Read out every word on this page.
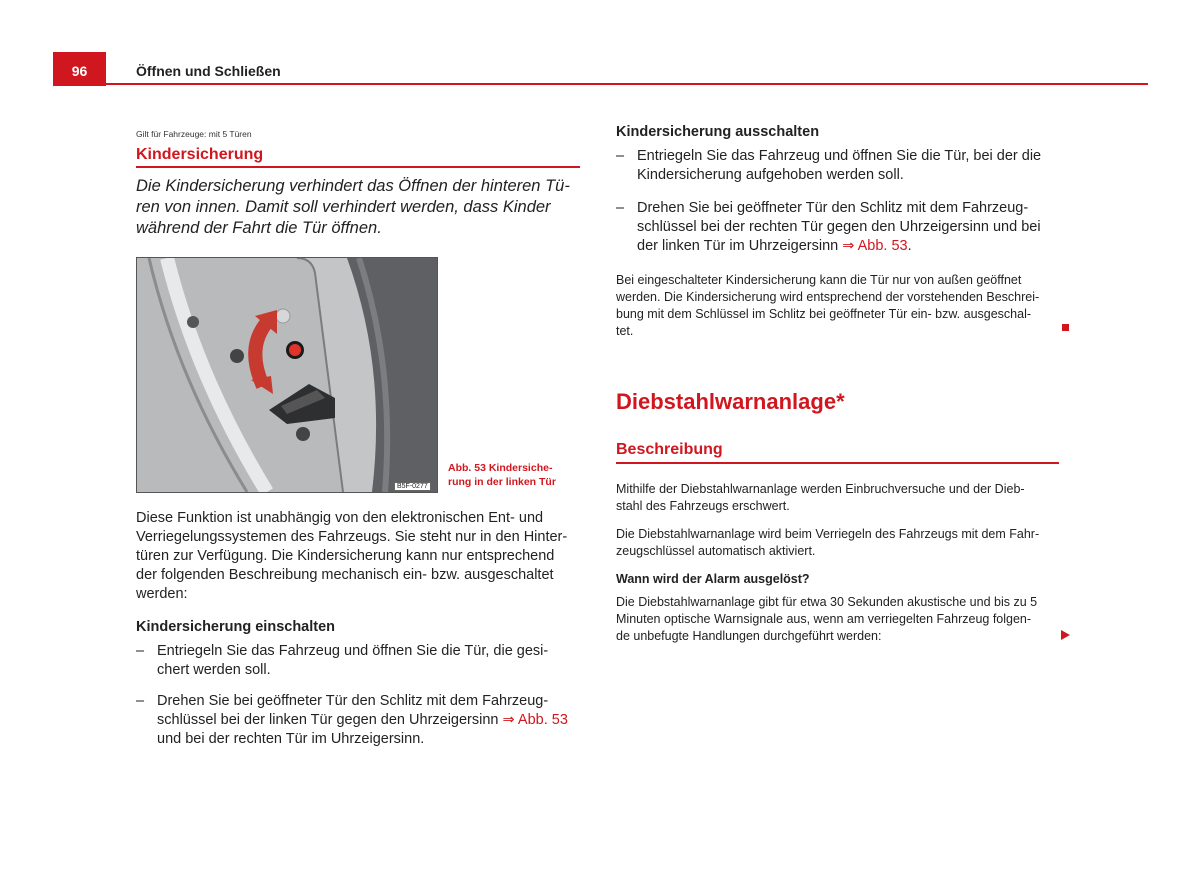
96	Öffnen und Schließen
Gilt für Fahrzeuge: mit 5 Türen
Kindersicherung
Die Kindersicherung verhindert das Öffnen der hinteren Tü-
ren von innen. Damit soll verhindert werden, dass Kinder
während der Fahrt die Tür öffnen.
B5F-0277
Abb. 53 Kindersiche-
rung in der linken Tür
Diese Funktion ist unabhängig von den elektronischen Ent- und
Verriegelungssystemen des Fahrzeugs. Sie steht nur in den Hinter-
türen zur Verfügung. Die Kindersicherung kann nur entsprechend
der folgenden Beschreibung mechanisch ein- bzw. ausgeschaltet
werden:
Kindersicherung einschalten
– Entriegeln Sie das Fahrzeug und öffnen Sie die Tür, die gesi-
chert werden soll.
– Drehen Sie bei geöffneter Tür den Schlitz mit dem Fahrzeug-
schlüssel bei der linken Tür gegen den Uhrzeigersinn ⇒ Abb. 53
und bei der rechten Tür im Uhrzeigersinn.
Kindersicherung ausschalten
– Entriegeln Sie das Fahrzeug und öffnen Sie die Tür, bei der die
Kindersicherung aufgehoben werden soll.
– Drehen Sie bei geöffneter Tür den Schlitz mit dem Fahrzeug-
schlüssel bei der rechten Tür gegen den Uhrzeigersinn und bei
der linken Tür im Uhrzeigersinn ⇒ Abb. 53.
Bei eingeschalteter Kindersicherung kann die Tür nur von außen geöffnet
werden. Die Kindersicherung wird entsprechend der vorstehenden Beschrei-
bung mit dem Schlüssel im Schlitz bei geöffneter Tür ein- bzw. ausgeschal-
tet.
Diebstahlwarnanlage*
Beschreibung
Mithilfe der Diebstahlwarnanlage werden Einbruchversuche und der Dieb-
stahl des Fahrzeugs erschwert.
Die Diebstahlwarnanlage wird beim Verriegeln des Fahrzeugs mit dem Fahr-
zeugschlüssel automatisch aktiviert.
Wann wird der Alarm ausgelöst?
Die Diebstahlwarnanlage gibt für etwa 30 Sekunden akustische und bis zu 5
Minuten optische Warnsignale aus, wenn am verriegelten Fahrzeug folgen-
de unbefugte Handlungen durchgeführt werden:
